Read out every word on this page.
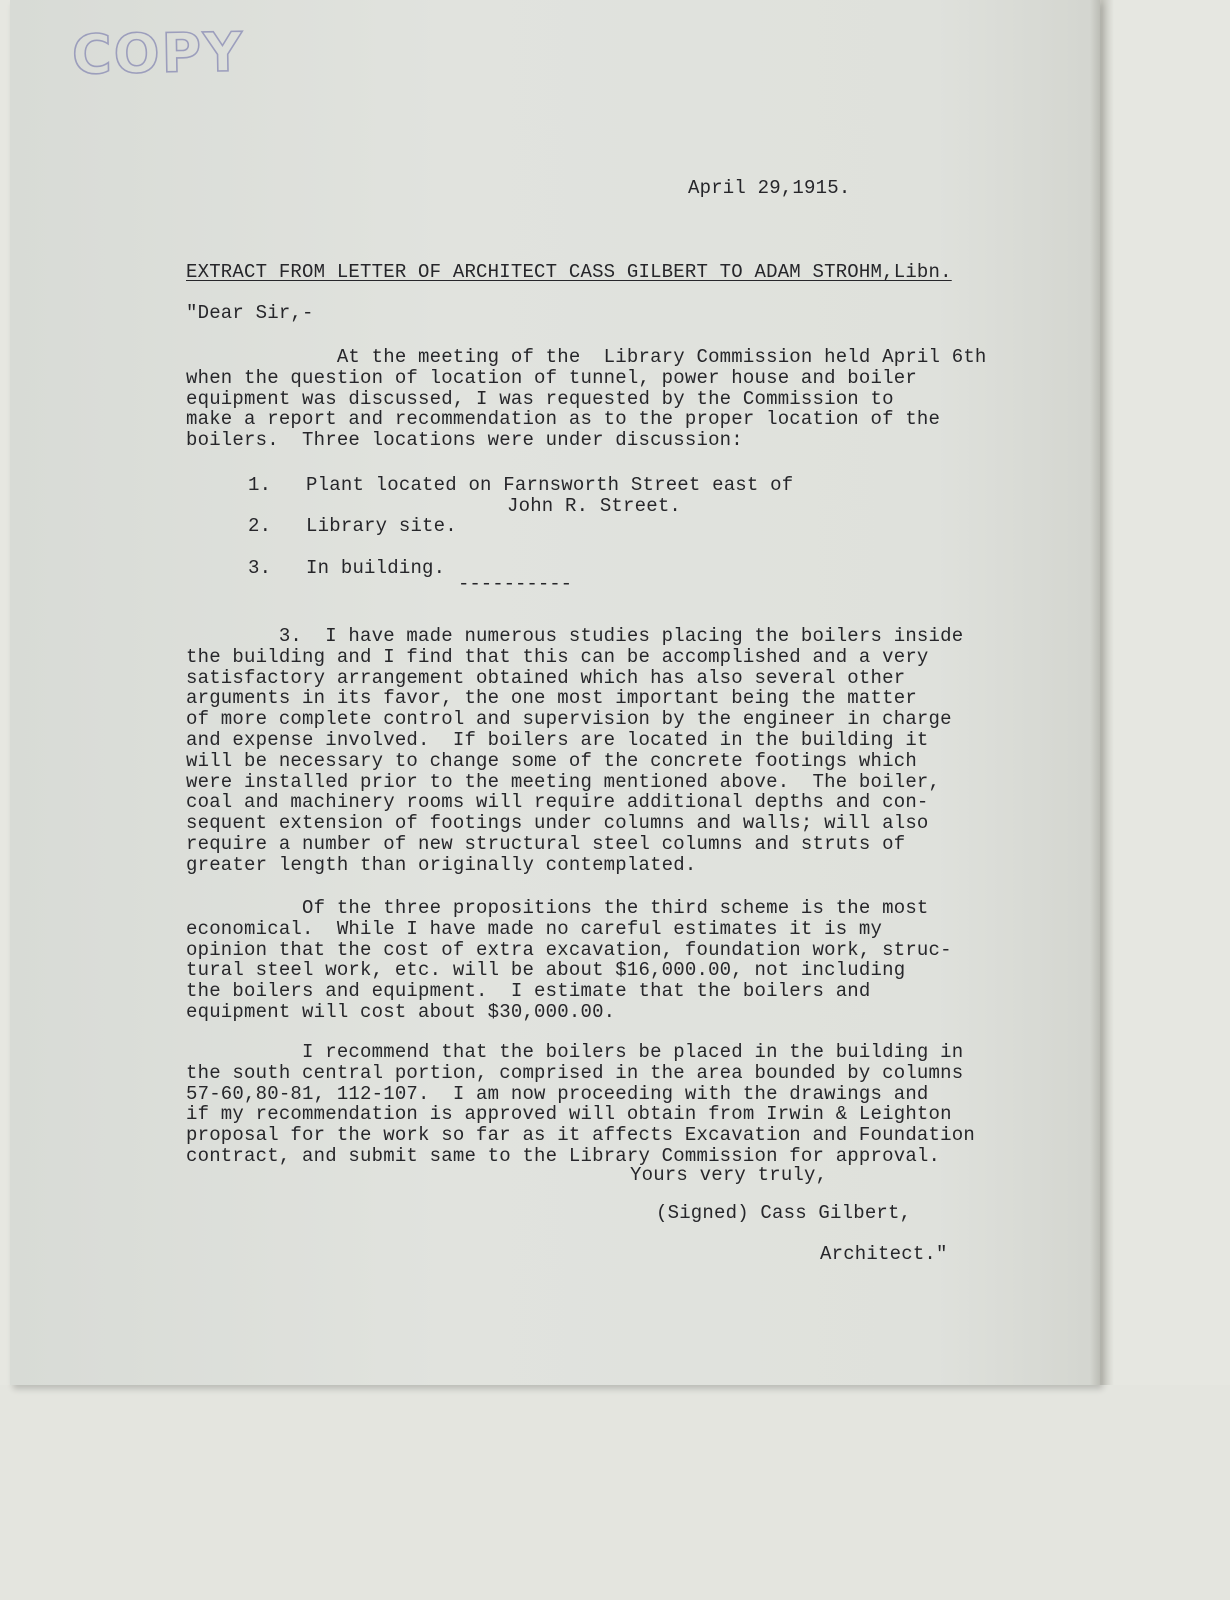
COPY
April 29,1915.
EXTRACT FROM LETTER OF ARCHITECT CASS GILBERT TO ADAM STROHM,Libn.
"Dear Sir,-
At the meeting of the  Library Commission held April 6th
when the question of location of tunnel, power house and boiler
equipment was discussed, I was requested by the Commission to
make a report and recommendation as to the proper location of the
boilers.  Three locations were under discussion:
1. Plant located on Farnsworth Street east of
John R. Street.
2. Library site.
3. In building.
----------
3.  I have made numerous studies placing the boilers inside
the building and I find that this can be accomplished and a very
satisfactory arrangement obtained which has also several other
arguments in its favor, the one most important being the matter
of more complete control and supervision by the engineer in charge
and expense involved.  If boilers are located in the building it
will be necessary to change some of the concrete footings which
were installed prior to the meeting mentioned above.  The boiler,
coal and machinery rooms will require additional depths and con-
sequent extension of footings under columns and walls; will also
require a number of new structural steel columns and struts of
greater length than originally contemplated.
Of the three propositions the third scheme is the most
economical.  While I have made no careful estimates it is my
opinion that the cost of extra excavation, foundation work, struc-
tural steel work, etc. will be about $16,000.00, not including
the boilers and equipment.  I estimate that the boilers and
equipment will cost about $30,000.00.
I recommend that the boilers be placed in the building in
the south central portion, comprised in the area bounded by columns
57-60,80-81, 112-107.  I am now proceeding with the drawings and
if my recommendation is approved will obtain from Irwin & Leighton
proposal for the work so far as it affects Excavation and Foundation
contract, and submit same to the Library Commission for approval.
Yours very truly,
(Signed) Cass Gilbert,
Architect."
